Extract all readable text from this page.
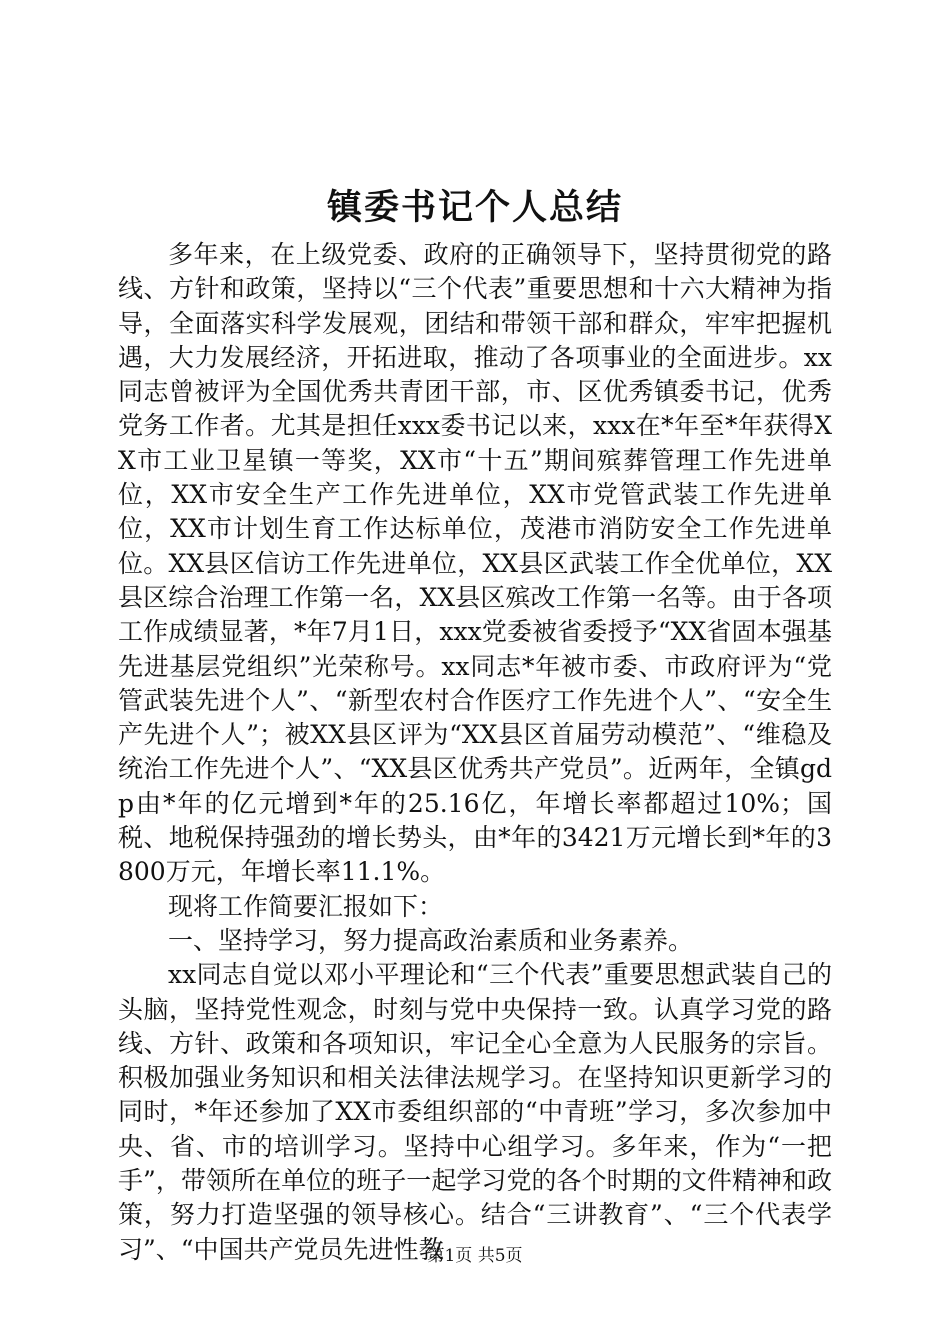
镇委书记个人总结

多年来，在上级党委、政府的正确领导下，坚持贯彻党的路线、方针和政策，坚持以“三个代表”重要思想和十六大精神为指导，全面落实科学发展观，团结和带领干部和群众，牢牢把握机遇，大力发展经济，开拓进取，推动了各项事业的全面进步。xx同志曾被评为全国优秀共青团干部，市、区优秀镇委书记，优秀党务工作者。尤其是担任xxx委书记以来，xxx在*年至*年获得XX市工业卫星镇一等奖，XX市“十五”期间殡葬管理工作先进单位，XX市安全生产工作先进单位，XX市党管武装工作先进单位，XX市计划生育工作达标单位，茂港市消防安全工作先进单位。XX县区信访工作先进单位，XX县区武装工作全优单位，XX县区综合治理工作第一名，XX县区殡改工作第一名等。由于各项工作成绩显著，*年7月1日，xxx党委被省委授予“XX省固本强基先进基层党组织”光荣称号。xx同志*年被市委、市政府评为“党管武装先进个人”、“新型农村合作医疗工作先进个人”、“安全生产先进个人”；被XX县区评为“XX县区首届劳动模范”、“维稳及统治工作先进个人”、“XX县区优秀共产党员”。近两年，全镇gdp由*年的亿元增到*年的25.16亿，年增长率都超过10%；国税、地税保持强劲的增长势头，由*年的3421万元增长到*年的3800万元，年增长率11.1%。

现将工作简要汇报如下：

一、坚持学习，努力提高政治素质和业务素养。

xx同志自觉以邓小平理论和“三个代表”重要思想武装自己的头脑，坚持党性观念，时刻与党中央保持一致。认真学习党的路线、方针、政策和各项知识，牢记全心全意为人民服务的宗旨。积极加强业务知识和相关法律法规学习。在坚持知识更新学习的同时，*年还参加了XX市委组织部的“中青班”学习，多次参加中央、省、市的培训学习。坚持中心组学习。多年来，作为“一把手”，带领所在单位的班子一起学习党的各个时期的文件精神和政策，努力打造坚强的领导核心。结合“三讲教育”、“三个代表学习”、“中国共产党员先进性教

第1页 共5页
